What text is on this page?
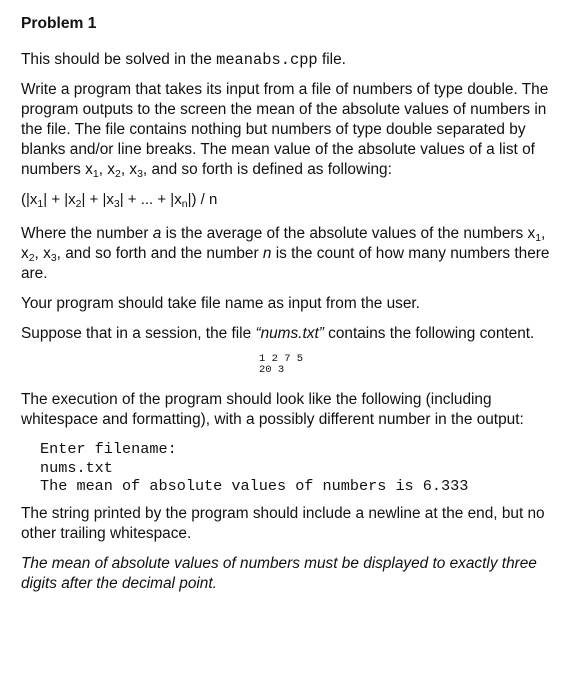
Problem 1

This should be solved in the meanabs.cpp file.

Write a program that takes its input from a file of numbers of type double. The program outputs to the screen the mean of the absolute values of numbers in the file. The file contains nothing but numbers of type double separated by blanks and/or line breaks. The mean value of the absolute values of a list of numbers $x_1$, $x_2$, $x_3$, and so forth is defined as following:

($|x_1| + |x_2| + |x_3|$ + ... + $|x_n|$) / n

Where the number a is the average of the absolute values of the numbers $x_1$, $x_2$, $x_3$, and so forth and the number n is the count of how many numbers there are.

Your program should take file name as input from the user.

Suppose that in a session, the file “nums.txt” contains the following content.

1 2 7 5
20 3

The execution of the program should look like the following (including whitespace and formatting), with a possibly different number in the output:

Enter filename:
nums.txt
The mean of absolute values of numbers is 6.333

The string printed by the program should include a newline at the end, but no other trailing whitespace.

The mean of absolute values of numbers must be displayed to exactly three digits after the decimal point.
